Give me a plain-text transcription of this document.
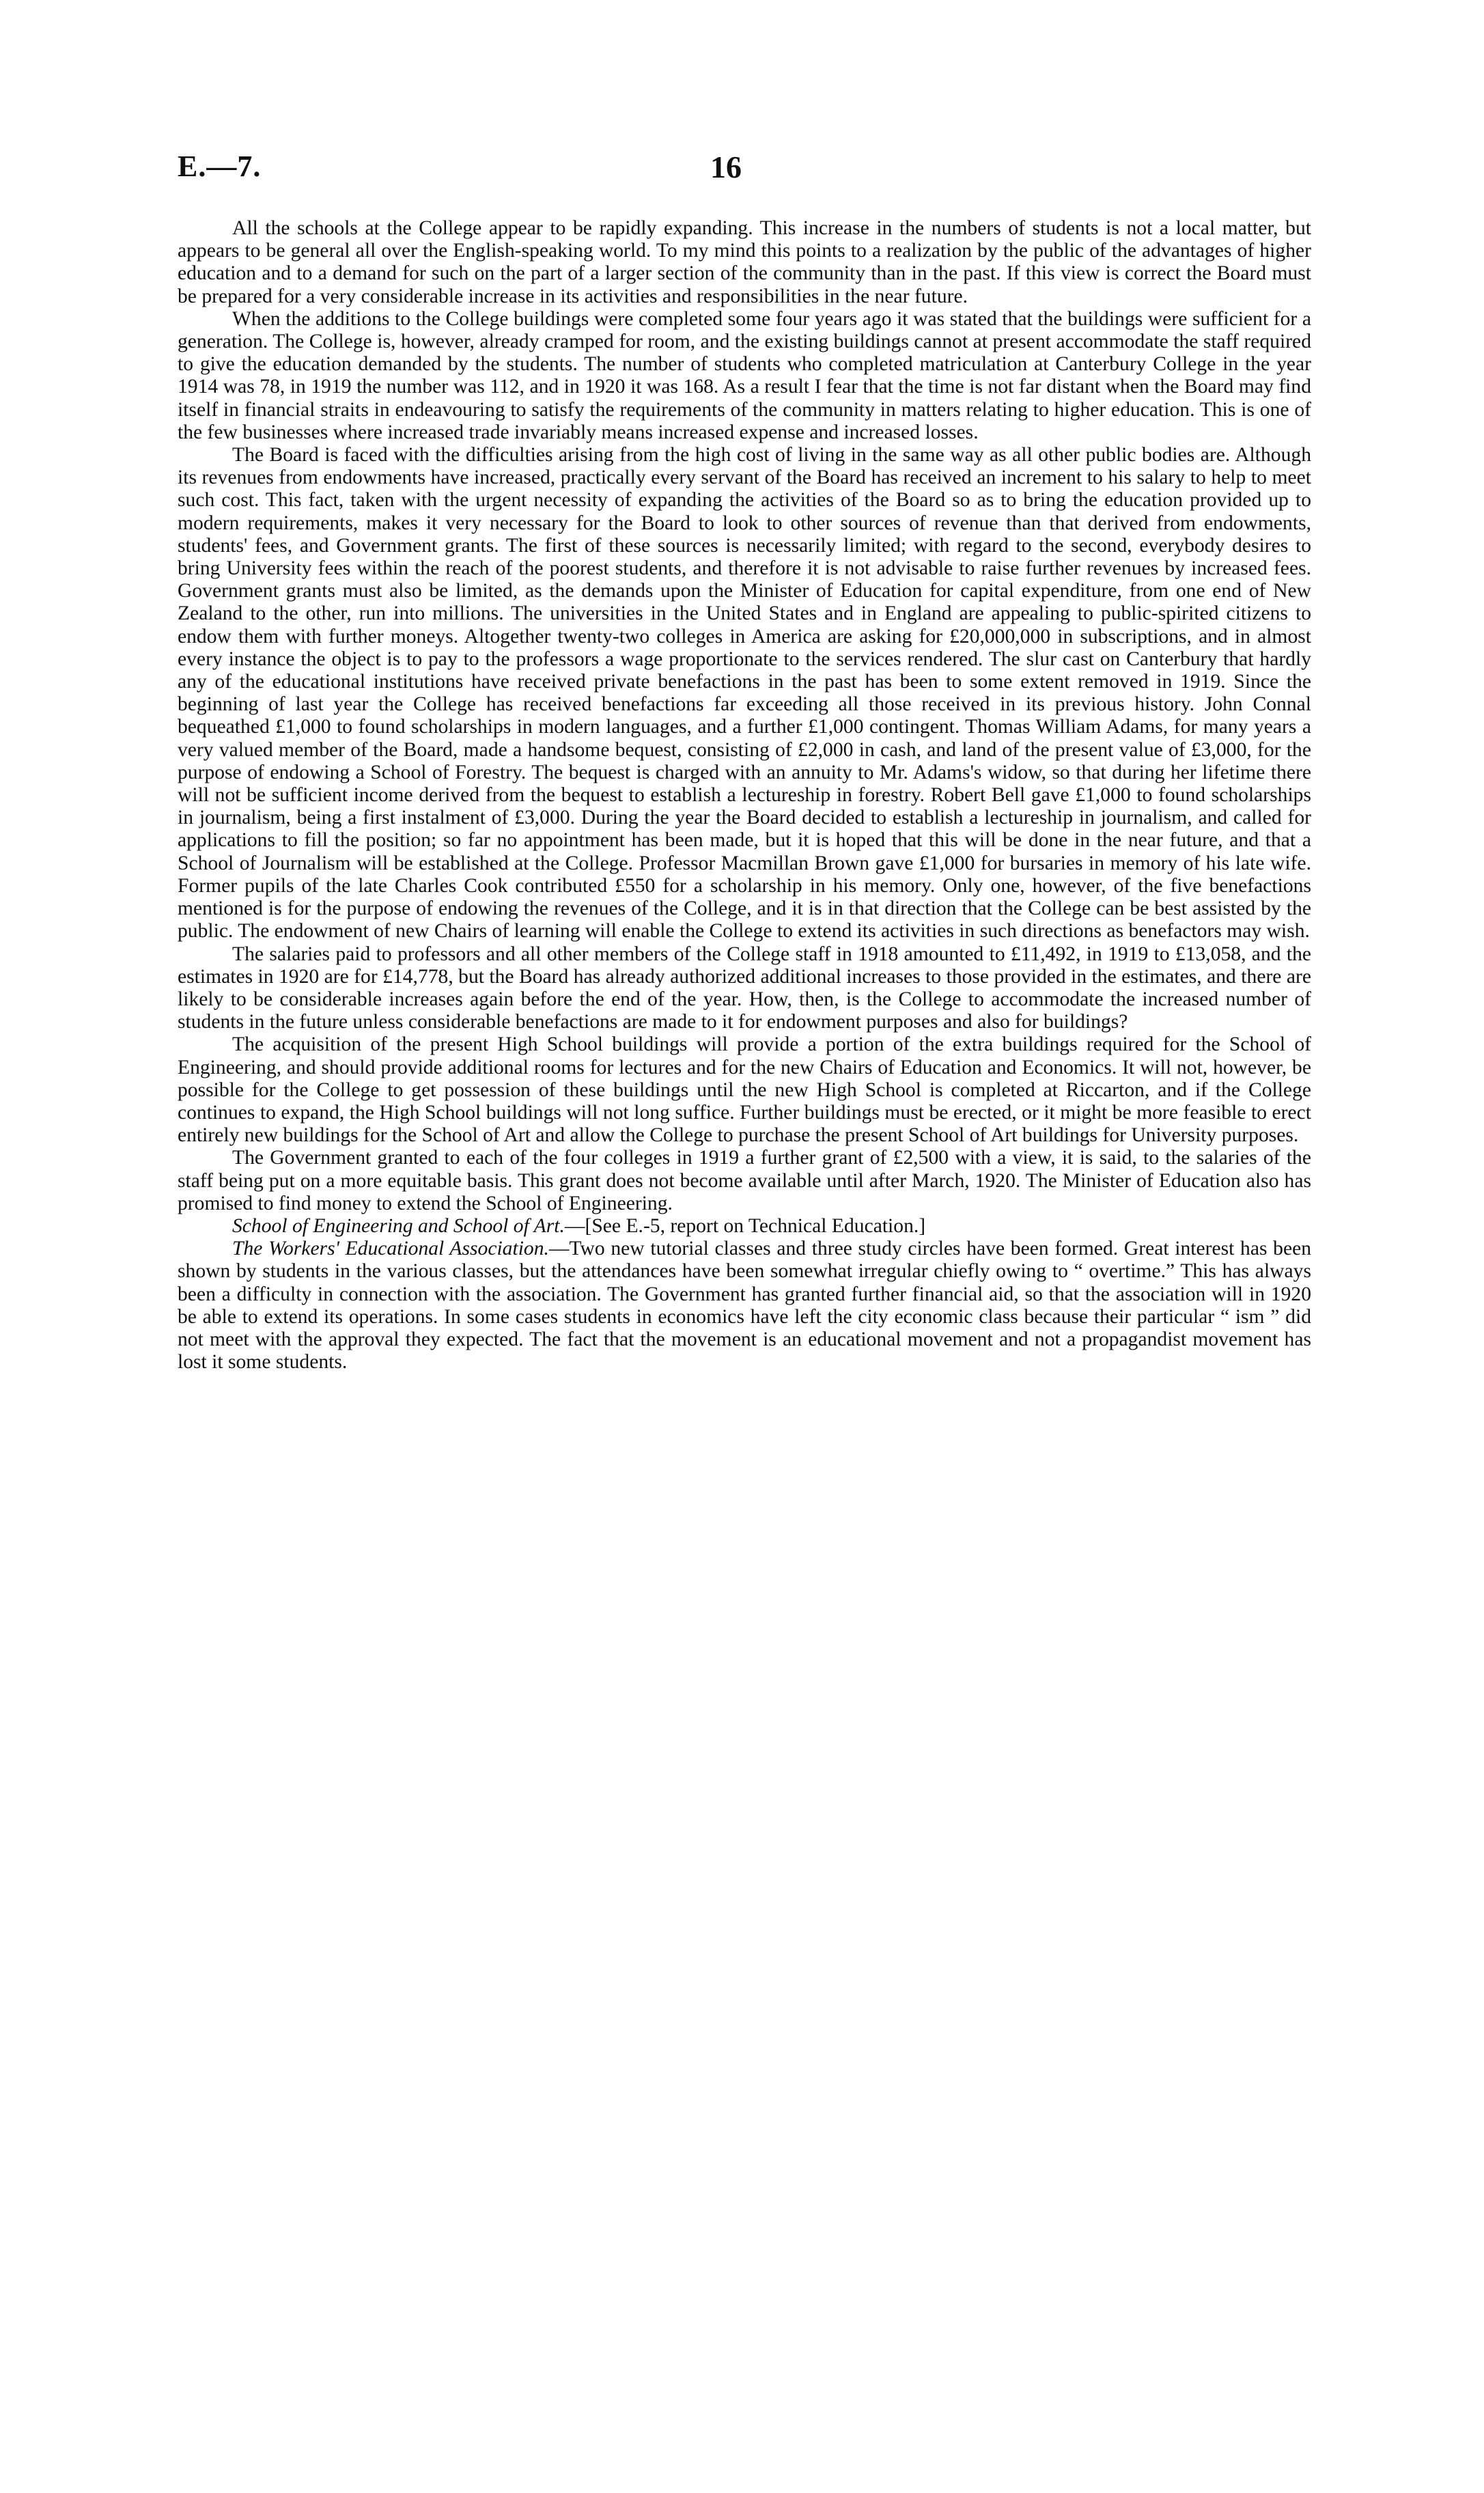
E.—7.	16

All the schools at the College appear to be rapidly expanding. This increase in the numbers of students is not a local matter, but appears to be general all over the English-speaking world. To my mind this points to a realization by the public of the advantages of higher education and to a demand for such on the part of a larger section of the community than in the past. If this view is correct the Board must be prepared for a very considerable increase in its activities and responsibilities in the near future.

When the additions to the College buildings were completed some four years ago it was stated that the buildings were sufficient for a generation. The College is, however, already cramped for room, and the existing buildings cannot at present accommodate the staff required to give the education demanded by the students. The number of students who completed matriculation at Canterbury College in the year 1914 was 78, in 1919 the number was 112, and in 1920 it was 168. As a result I fear that the time is not far distant when the Board may find itself in financial straits in endeavouring to satisfy the requirements of the community in matters relating to higher education. This is one of the few businesses where increased trade invariably means increased expense and increased losses.

The Board is faced with the difficulties arising from the high cost of living in the same way as all other public bodies are. Although its revenues from endowments have increased, practically every servant of the Board has received an increment to his salary to help to meet such cost. This fact, taken with the urgent necessity of expanding the activities of the Board so as to bring the education provided up to modern requirements, makes it very necessary for the Board to look to other sources of revenue than that derived from endowments, students' fees, and Government grants. The first of these sources is necessarily limited; with regard to the second, everybody desires to bring University fees within the reach of the poorest students, and therefore it is not advisable to raise further revenues by increased fees. Government grants must also be limited, as the demands upon the Minister of Education for capital expenditure, from one end of New Zealand to the other, run into millions. The universities in the United States and in England are appealing to public-spirited citizens to endow them with further moneys. Altogether twenty-two colleges in America are asking for £20,000,000 in subscriptions, and in almost every instance the object is to pay to the professors a wage proportionate to the services rendered. The slur cast on Canterbury that hardly any of the educational institutions have received private benefactions in the past has been to some extent removed in 1919. Since the beginning of last year the College has received benefactions far exceeding all those received in its previous history. John Connal bequeathed £1,000 to found scholarships in modern languages, and a further £1,000 contingent. Thomas William Adams, for many years a very valued member of the Board, made a handsome bequest, consisting of £2,000 in cash, and land of the present value of £3,000, for the purpose of endowing a School of Forestry. The bequest is charged with an annuity to Mr. Adams's widow, so that during her lifetime there will not be sufficient income derived from the bequest to establish a lectureship in forestry. Robert Bell gave £1,000 to found scholarships in journalism, being a first instalment of £3,000. During the year the Board decided to establish a lectureship in journalism, and called for applications to fill the position; so far no appointment has been made, but it is hoped that this will be done in the near future, and that a School of Journalism will be established at the College. Professor Macmillan Brown gave £1,000 for bursaries in memory of his late wife. Former pupils of the late Charles Cook contributed £550 for a scholarship in his memory. Only one, however, of the five benefactions mentioned is for the purpose of endowing the revenues of the College, and it is in that direction that the College can be best assisted by the public. The endowment of new Chairs of learning will enable the College to extend its activities in such directions as benefactors may wish.

The salaries paid to professors and all other members of the College staff in 1918 amounted to £11,492, in 1919 to £13,058, and the estimates in 1920 are for £14,778, but the Board has already authorized additional increases to those provided in the estimates, and there are likely to be considerable increases again before the end of the year. How, then, is the College to accommodate the increased number of students in the future unless considerable benefactions are made to it for endowment purposes and also for buildings?

The acquisition of the present High School buildings will provide a portion of the extra buildings required for the School of Engineering, and should provide additional rooms for lectures and for the new Chairs of Education and Economics. It will not, however, be possible for the College to get possession of these buildings until the new High School is completed at Riccarton, and if the College continues to expand, the High School buildings will not long suffice. Further buildings must be erected, or it might be more feasible to erect entirely new buildings for the School of Art and allow the College to purchase the present School of Art buildings for University purposes.

The Government granted to each of the four colleges in 1919 a further grant of £2,500 with a view, it is said, to the salaries of the staff being put on a more equitable basis. This grant does not become available until after March, 1920. The Minister of Education also has promised to find money to extend the School of Engineering.

School of Engineering and School of Art.—[See E.-5, report on Technical Education.]

The Workers' Educational Association.—Two new tutorial classes and three study circles have been formed. Great interest has been shown by students in the various classes, but the attendances have been somewhat irregular chiefly owing to “ overtime.” This has always been a difficulty in connection with the association. The Government has granted further financial aid, so that the association will in 1920 be able to extend its operations. In some cases students in economics have left the city economic class because their particular “ ism ” did not meet with the approval they expected. The fact that the movement is an educational movement and not a propagandist movement has lost it some students.
